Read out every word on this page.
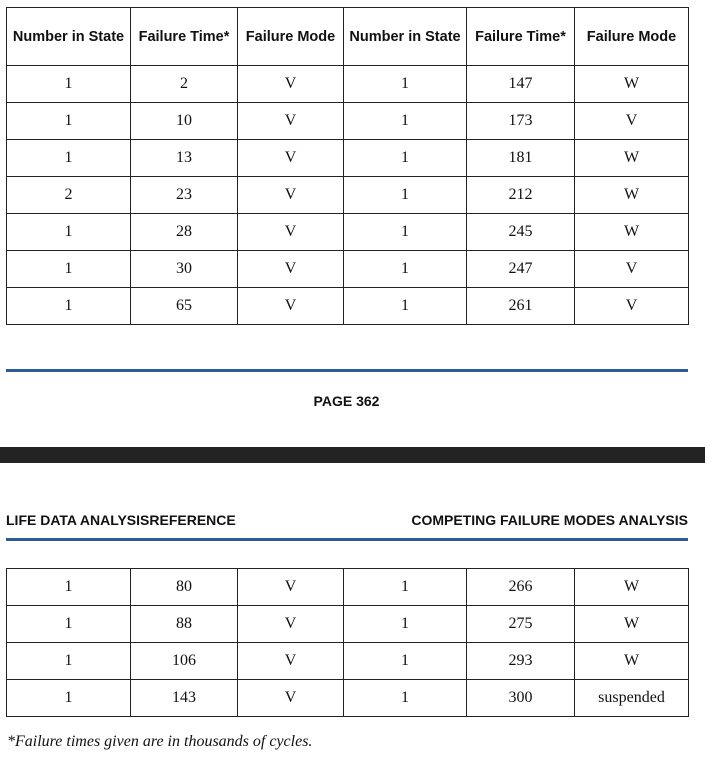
Number in State	Failure Time*	Failure Mode	Number in State	Failure Time*	Failure Mode
1	2	V	1	147	W
1	10	V	1	173	V
1	13	V	1	181	W
2	23	V	1	212	W
1	28	V	1	245	W
1	30	V	1	247	V
1	65	V	1	261	V
PAGE 362
LIFE DATA ANALYSISREFERENCE	COMPETING FAILURE MODES ANALYSIS
1	80	V	1	266	W
1	88	V	1	275	W
1	106	V	1	293	W
1	143	V	1	300	suspended
*Failure times given are in thousands of cycles.
